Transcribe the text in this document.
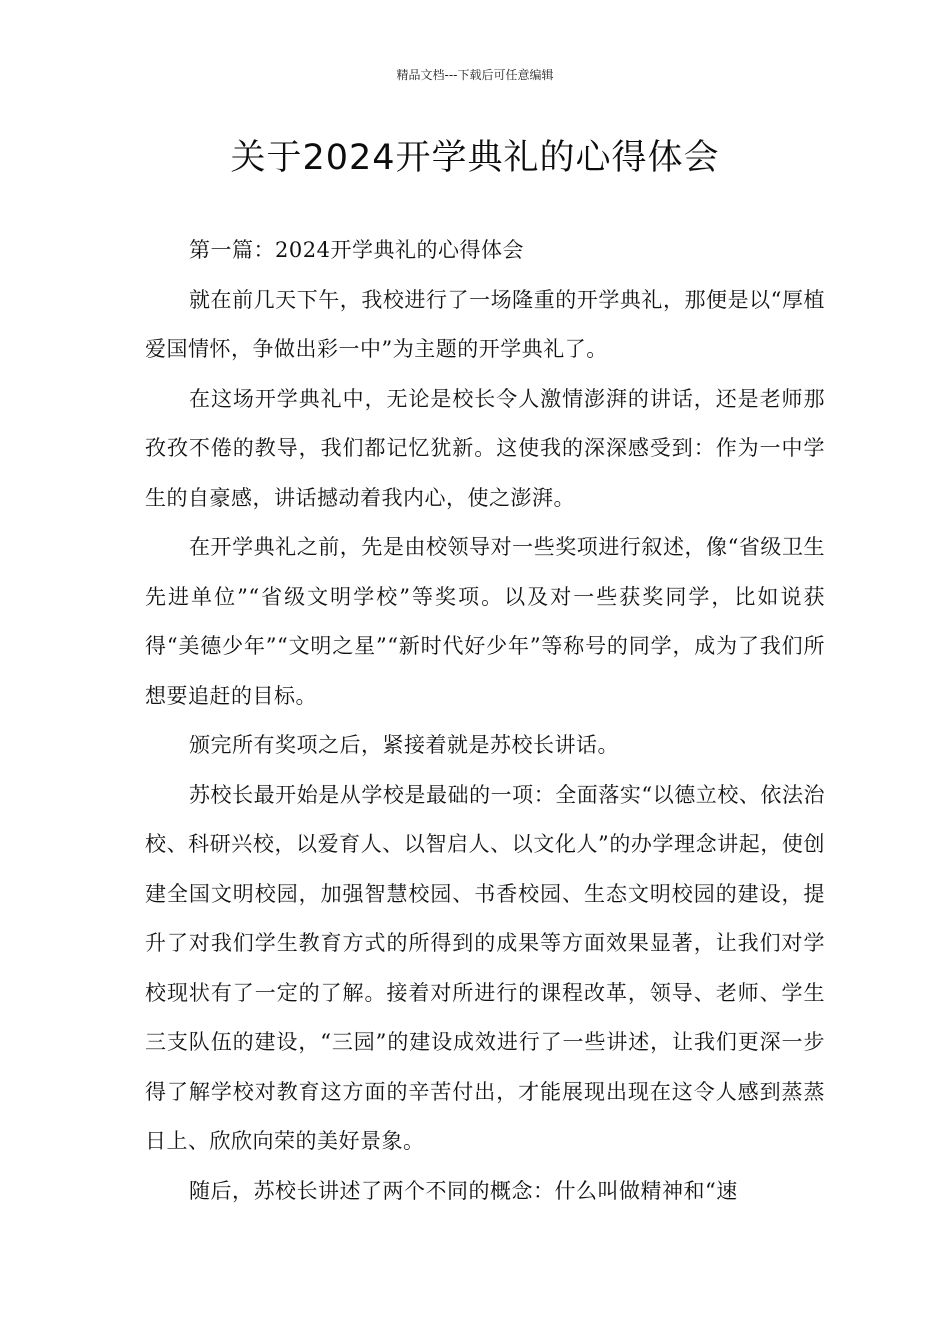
精品文档---下载后可任意编辑
关于2024开学典礼的心得体会

第一篇：2024开学典礼的心得体会

就在前几天下午，我校进行了一场隆重的开学典礼，那便是以“厚植爱国情怀，争做出彩一中”为主题的开学典礼了。

在这场开学典礼中，无论是校长令人激情澎湃的讲话，还是老师那孜孜不倦的教导，我们都记忆犹新。这使我的深深感受到：作为一中学生的自豪感，讲话撼动着我内心，使之澎湃。

在开学典礼之前，先是由校领导对一些奖项进行叙述，像“省级卫生先进单位”“省级文明学校”等奖项。以及对一些获奖同学，比如说获得“美德少年”“文明之星”“新时代好少年”等称号的同学，成为了我们所想要追赶的目标。

颁完所有奖项之后，紧接着就是苏校长讲话。

苏校长最开始是从学校是最础的一项：全面落实“以德立校、依法治校、科研兴校，以爱育人、以智启人、以文化人”的办学理念讲起，使创建全国文明校园，加强智慧校园、书香校园、生态文明校园的建设，提升了对我们学生教育方式的所得到的成果等方面效果显著，让我们对学校现状有了一定的了解。接着对所进行的课程改革，领导、老师、学生三支队伍的建设，“三园”的建设成效进行了一些讲述，让我们更深一步得了解学校对教育这方面的辛苦付出，才能展现出现在这令人感到蒸蒸日上、欣欣向荣的美好景象。

随后，苏校长讲述了两个不同的概念：什么叫做精神和“速
